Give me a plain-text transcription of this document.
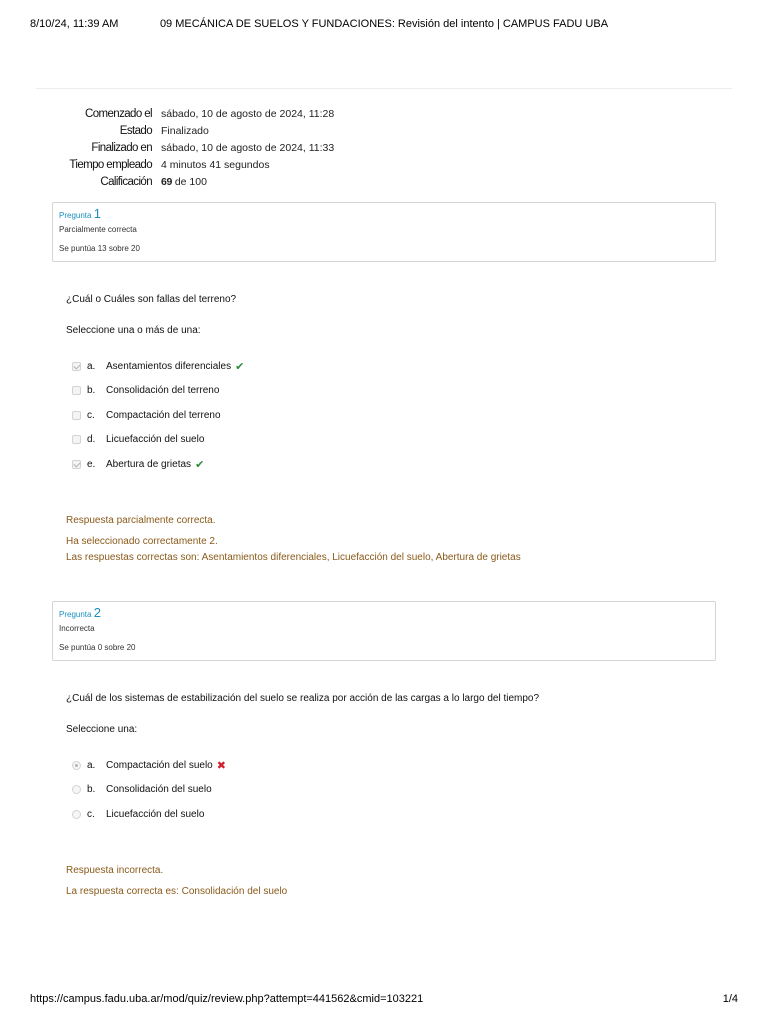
8/10/24, 11:39 AM	09 MECÁNICA DE SUELOS Y FUNDACIONES: Revisión del intento | CAMPUS FADU UBA
Comenzado el sábado, 10 de agosto de 2024, 11:28
Estado Finalizado
Finalizado en sábado, 10 de agosto de 2024, 11:33
Tiempo empleado 4 minutos 41 segundos
Calificación 69 de 100
Pregunta 1
Parcialmente correcta
Se puntúa 13 sobre 20
¿Cuál o Cuáles son fallas del terreno?
Seleccione una o más de una:
a.	Asentamientos diferenciales ✔
b.	Consolidación del terreno
c.	Compactación del terreno
d.	Licuefacción del suelo
e.	Abertura de grietas ✔
Respuesta parcialmente correcta.
Ha seleccionado correctamente 2.
Las respuestas correctas son: Asentamientos diferenciales, Licuefacción del suelo, Abertura de grietas
Pregunta 2
Incorrecta
Se puntúa 0 sobre 20
¿Cuál de los sistemas de estabilización del suelo se realiza por acción de las cargas a lo largo del tiempo?
Seleccione una:
a.	Compactación del suelo ✖
b.	Consolidación del suelo
c.	Licuefacción del suelo
Respuesta incorrecta.
La respuesta correcta es: Consolidación del suelo
https://campus.fadu.uba.ar/mod/quiz/review.php?attempt=441562&cmid=103221	1/4
